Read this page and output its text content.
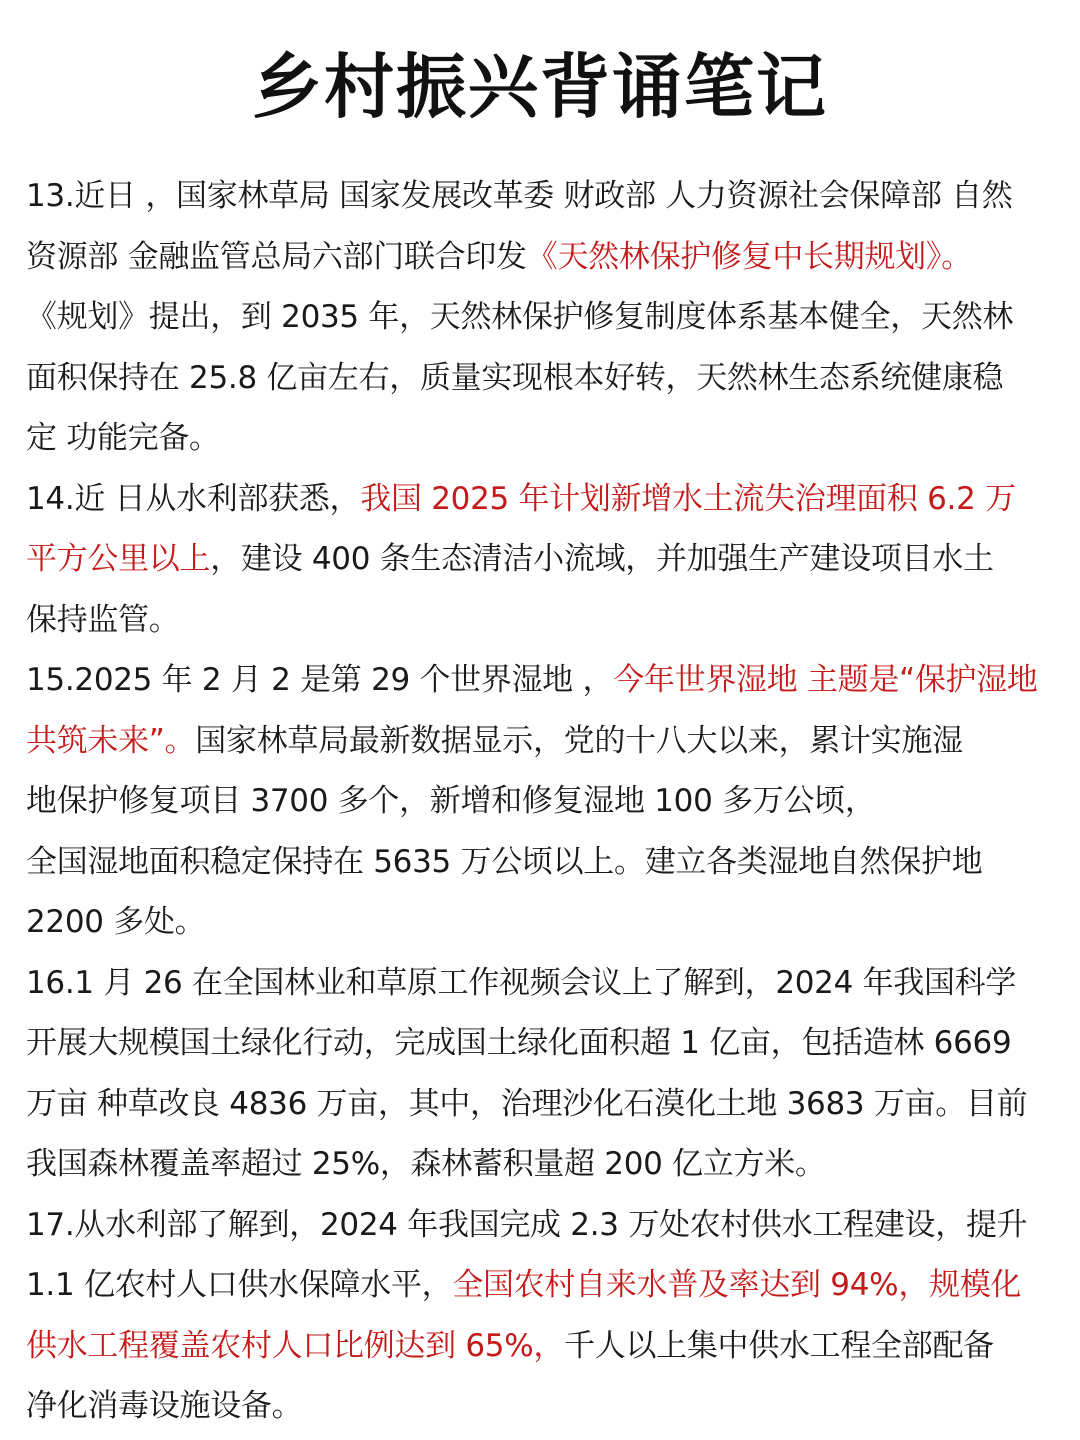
乡村振兴背诵笔记
13.近日 ，国家林草局 国家发展改革委 财政部 人力资源社会保障部 自然
资源部 金融监管总局六部门联合印发《天然林保护修复中长期规划》。
《规划》提出，到 2035 年，天然林保护修复制度体系基本健全，天然林
面积保持在 25.8 亿亩左右，质量实现根本好转，天然林生态系统健康稳
定 功能完备。
14.近 日从水利部获悉，我国 2025 年计划新增水土流失治理面积 6.2 万
平方公里以上，建设 400 条生态清洁小流域，并加强生产建设项目水土
保持监管。
15.2025 年 2 月 2 是第 29 个世界湿地 ，今年世界湿地 主题是“保护湿地
共筑未来”。国家林草局最新数据显示，党的十八大以来，累计实施湿
地保护修复项目 3700 多个，新增和修复湿地 100 多万公顷，
全国湿地面积稳定保持在 5635 万公顷以上。建立各类湿地自然保护地
2200 多处。
16.1 月 26 在全国林业和草原工作视频会议上了解到，2024 年我国科学
开展大规模国土绿化行动，完成国土绿化面积超 1 亿亩，包括造林 6669
万亩 种草改良 4836 万亩，其中，治理沙化石漠化土地 3683 万亩。目前
我国森林覆盖率超过 25%，森林蓄积量超 200 亿立方米。
17.从水利部了解到，2024 年我国完成 2.3 万处农村供水工程建设，提升
1.1 亿农村人口供水保障水平，全国农村自来水普及率达到 94%，规模化
供水工程覆盖农村人口比例达到 65%，千人以上集中供水工程全部配备
净化消毒设施设备。
